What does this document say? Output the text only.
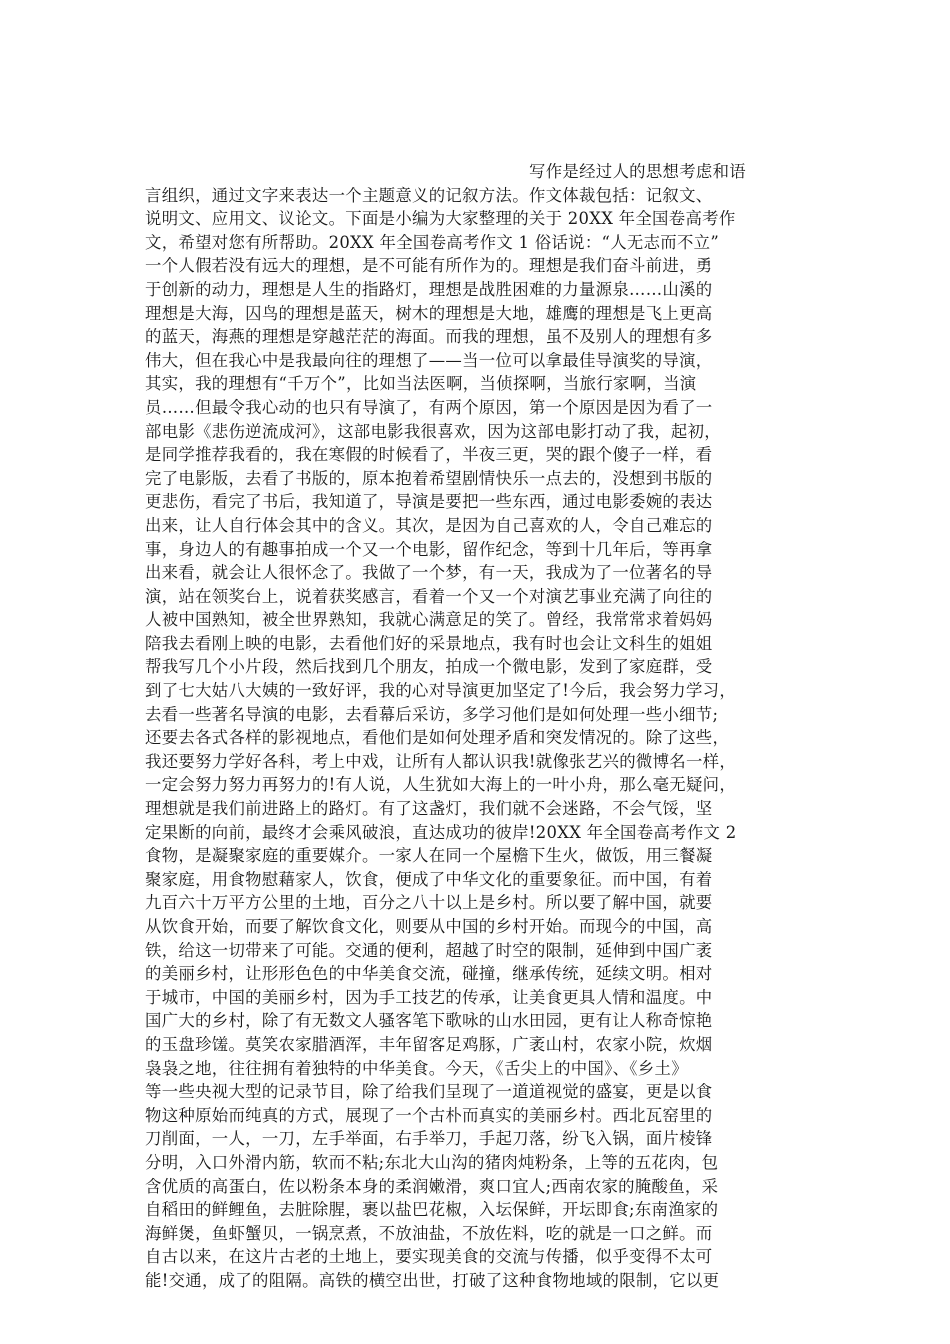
写作是经过人的思想考虑和语
言组织，通过文字来表达一个主题意义的记叙方法。作文体裁包括：记叙文、
说明文、应用文、议论文。下面是小编为大家整理的关于 20XX 年全国卷高考作
文，希望对您有所帮助。20XX 年全国卷高考作文 1 俗话说：“人无志而不立”
一个人假若没有远大的理想，是不可能有所作为的。理想是我们奋斗前进，勇
于创新的动力，理想是人生的指路灯，理想是战胜困难的力量源泉……山溪的
理想是大海，囚鸟的理想是蓝天，树木的理想是大地，雄鹰的理想是飞上更高
的蓝天，海燕的理想是穿越茫茫的海面。而我的理想，虽不及别人的理想有多
伟大，但在我心中是我最向往的理想了——当一位可以拿最佳导演奖的导演，
其实，我的理想有“千万个”，比如当法医啊，当侦探啊，当旅行家啊，当演
员……但最令我心动的也只有导演了，有两个原因，第一个原因是因为看了一
部电影《悲伤逆流成河》，这部电影我很喜欢，因为这部电影打动了我，起初，
是同学推荐我看的，我在寒假的时候看了，半夜三更，哭的跟个傻子一样，看
完了电影版，去看了书版的，原本抱着希望剧情快乐一点去的，没想到书版的
更悲伤，看完了书后，我知道了，导演是要把一些东西，通过电影委婉的表达
出来，让人自行体会其中的含义。其次，是因为自己喜欢的人，令自己难忘的
事，身边人的有趣事拍成一个又一个电影，留作纪念，等到十几年后，等再拿
出来看，就会让人很怀念了。我做了一个梦，有一天，我成为了一位著名的导
演，站在领奖台上，说着获奖感言，看着一个又一个对演艺事业充满了向往的
人被中国熟知，被全世界熟知，我就心满意足的笑了。曾经，我常常求着妈妈
陪我去看刚上映的电影，去看他们好的采景地点，我有时也会让文科生的姐姐
帮我写几个小片段，然后找到几个朋友，拍成一个微电影，发到了家庭群，受
到了七大姑八大姨的一致好评，我的心对导演更加坚定了!今后，我会努力学习，
去看一些著名导演的电影，去看幕后采访，多学习他们是如何处理一些小细节;
还要去各式各样的影视地点，看他们是如何处理矛盾和突发情况的。除了这些，
我还要努力学好各科，考上中戏，让所有人都认识我!就像张艺兴的微博名一样，
一定会努力努力再努力的!有人说，人生犹如大海上的一叶小舟，那么毫无疑问，
理想就是我们前进路上的路灯。有了这盏灯，我们就不会迷路，不会气馁，坚
定果断的向前，最终才会乘风破浪，直达成功的彼岸!20XX 年全国卷高考作文 2
食物，是凝聚家庭的重要媒介。一家人在同一个屋檐下生火，做饭，用三餐凝
聚家庭，用食物慰藉家人，饮食，便成了中华文化的重要象征。而中国，有着
九百六十万平方公里的土地，百分之八十以上是乡村。所以要了解中国，就要
从饮食开始，而要了解饮食文化，则要从中国的乡村开始。而现今的中国，高
铁，给这一切带来了可能。交通的便利，超越了时空的限制，延伸到中国广袤
的美丽乡村，让形形色色的中华美食交流，碰撞，继承传统，延续文明。相对
于城市，中国的美丽乡村，因为手工技艺的传承，让美食更具人情和温度。中
国广大的乡村，除了有无数文人骚客笔下歌咏的山水田园，更有让人称奇惊艳
的玉盘珍馐。莫笑农家腊酒浑，丰年留客足鸡豚，广袤山村，农家小院，炊烟
袅袅之地，往往拥有着独特的中华美食。今天，《舌尖上的中国》、《乡土》
等一些央视大型的记录节目，除了给我们呈现了一道道视觉的盛宴，更是以食
物这种原始而纯真的方式，展现了一个古朴而真实的美丽乡村。西北瓦窑里的
刀削面，一人，一刀，左手举面，右手举刀，手起刀落，纷飞入锅，面片棱锋
分明，入口外滑内筋，软而不粘;东北大山沟的猪肉炖粉条，上等的五花肉，包
含优质的高蛋白，佐以粉条本身的柔润嫩滑，爽口宜人;西南农家的腌酸鱼，采
自稻田的鲜鲤鱼，去脏除腥，裹以盐巴花椒，入坛保鲜，开坛即食;东南渔家的
海鲜煲，鱼虾蟹贝，一锅烹煮，不放油盐，不放佐料，吃的就是一口之鲜。而
自古以来，在这片古老的土地上，要实现美食的交流与传播，似乎变得不太可
能!交通，成了的阻隔。高铁的横空出世，打破了这种食物地域的限制，它以更
